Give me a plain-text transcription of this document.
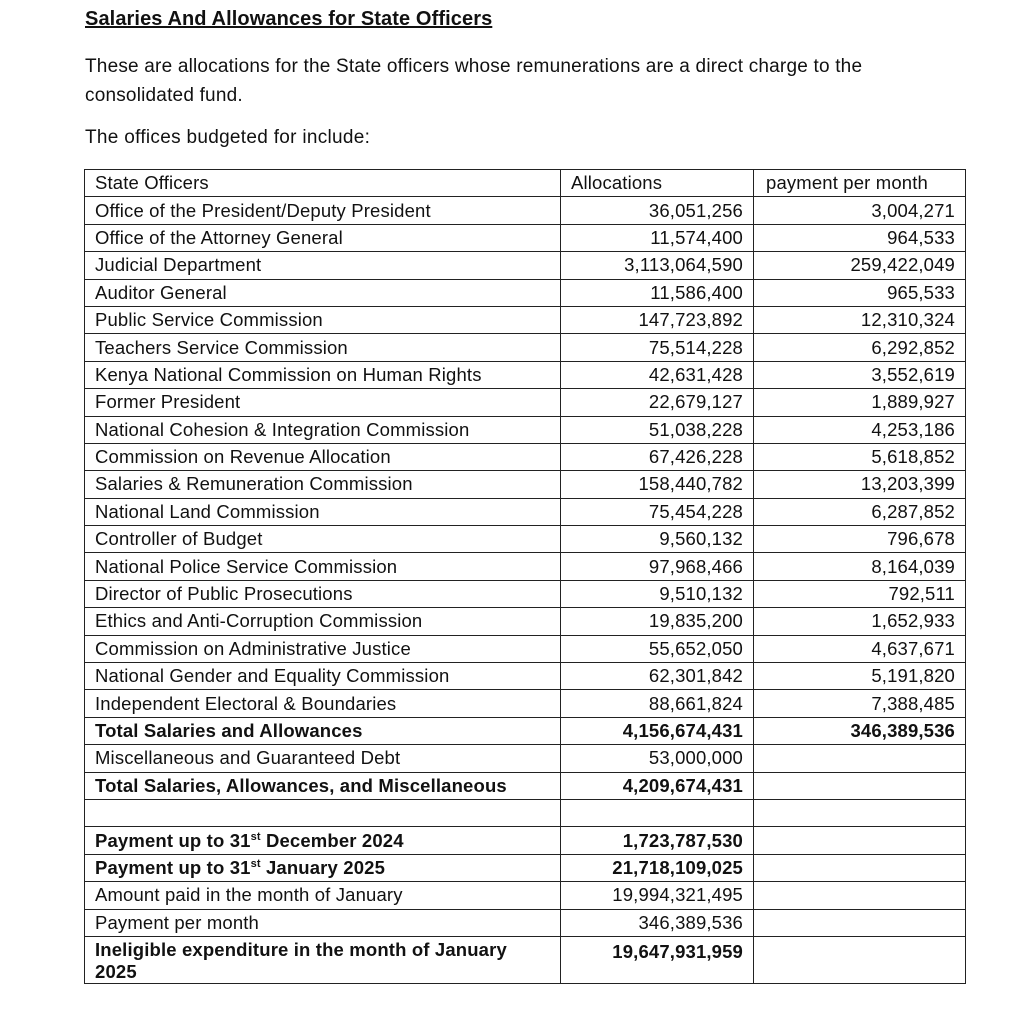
Salaries And Allowances for State Officers
These are allocations for the State officers whose remunerations are a direct charge to the consolidated fund.
The offices budgeted for include:
State Officers	Allocations	payment per month
Office of the President/Deputy President	36,051,256	3,004,271
Office of the Attorney General	11,574,400	964,533
Judicial Department	3,113,064,590	259,422,049
Auditor General	11,586,400	965,533
Public Service Commission	147,723,892	12,310,324
Teachers Service Commission	75,514,228	6,292,852
Kenya National Commission on Human Rights	42,631,428	3,552,619
Former President	22,679,127	1,889,927
National Cohesion & Integration Commission	51,038,228	4,253,186
Commission on Revenue Allocation	67,426,228	5,618,852
Salaries & Remuneration Commission	158,440,782	13,203,399
National Land Commission	75,454,228	6,287,852
Controller of Budget	9,560,132	796,678
National Police Service Commission	97,968,466	8,164,039
Director of Public Prosecutions	9,510,132	792,511
Ethics and Anti-Corruption Commission	19,835,200	1,652,933
Commission on Administrative Justice	55,652,050	4,637,671
National Gender and Equality Commission	62,301,842	5,191,820
Independent Electoral & Boundaries	88,661,824	7,388,485
Total Salaries and Allowances	4,156,674,431	346,389,536
Miscellaneous and Guaranteed Debt	53,000,000	
Total Salaries, Allowances, and Miscellaneous	4,209,674,431	

Payment up to 31st December 2024	1,723,787,530	
Payment up to 31st January 2025	21,718,109,025	
Amount paid in the month of January	19,994,321,495	
Payment per month	346,389,536	
Ineligible expenditure in the month of January 2025	19,647,931,959	
